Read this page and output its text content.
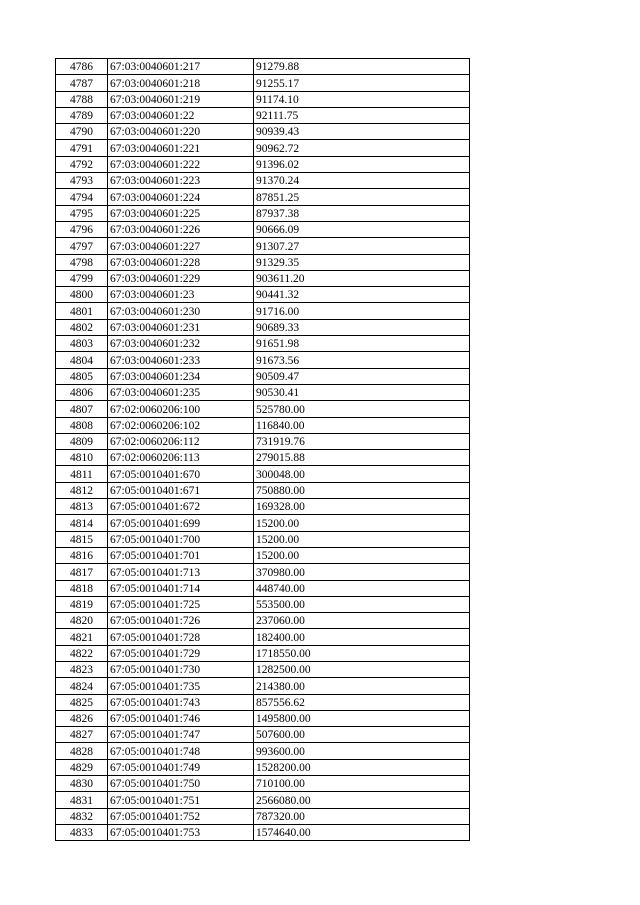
4786	67:03:0040601:217	91279.88
4787	67:03:0040601:218	91255.17
4788	67:03:0040601:219	91174.10
4789	67:03:0040601:22	92111.75
4790	67:03:0040601:220	90939.43
4791	67:03:0040601:221	90962.72
4792	67:03:0040601:222	91396.02
4793	67:03:0040601:223	91370.24
4794	67:03:0040601:224	87851.25
4795	67:03:0040601:225	87937.38
4796	67:03:0040601:226	90666.09
4797	67:03:0040601:227	91307.27
4798	67:03:0040601:228	91329.35
4799	67:03:0040601:229	903611.20
4800	67:03:0040601:23	90441.32
4801	67:03:0040601:230	91716.00
4802	67:03:0040601:231	90689.33
4803	67:03:0040601:232	91651.98
4804	67:03:0040601:233	91673.56
4805	67:03:0040601:234	90509.47
4806	67:03:0040601:235	90530.41
4807	67:02:0060206:100	525780.00
4808	67:02:0060206:102	116840.00
4809	67:02:0060206:112	731919.76
4810	67:02:0060206:113	279015.88
4811	67:05:0010401:670	300048.00
4812	67:05:0010401:671	750880.00
4813	67:05:0010401:672	169328.00
4814	67:05:0010401:699	15200.00
4815	67:05:0010401:700	15200.00
4816	67:05:0010401:701	15200.00
4817	67:05:0010401:713	370980.00
4818	67:05:0010401:714	448740.00
4819	67:05:0010401:725	553500.00
4820	67:05:0010401:726	237060.00
4821	67:05:0010401:728	182400.00
4822	67:05:0010401:729	1718550.00
4823	67:05:0010401:730	1282500.00
4824	67:05:0010401:735	214380.00
4825	67:05:0010401:743	857556.62
4826	67:05:0010401:746	1495800.00
4827	67:05:0010401:747	507600.00
4828	67:05:0010401:748	993600.00
4829	67:05:0010401:749	1528200.00
4830	67:05:0010401:750	710100.00
4831	67:05:0010401:751	2566080.00
4832	67:05:0010401:752	787320.00
4833	67:05:0010401:753	1574640.00
